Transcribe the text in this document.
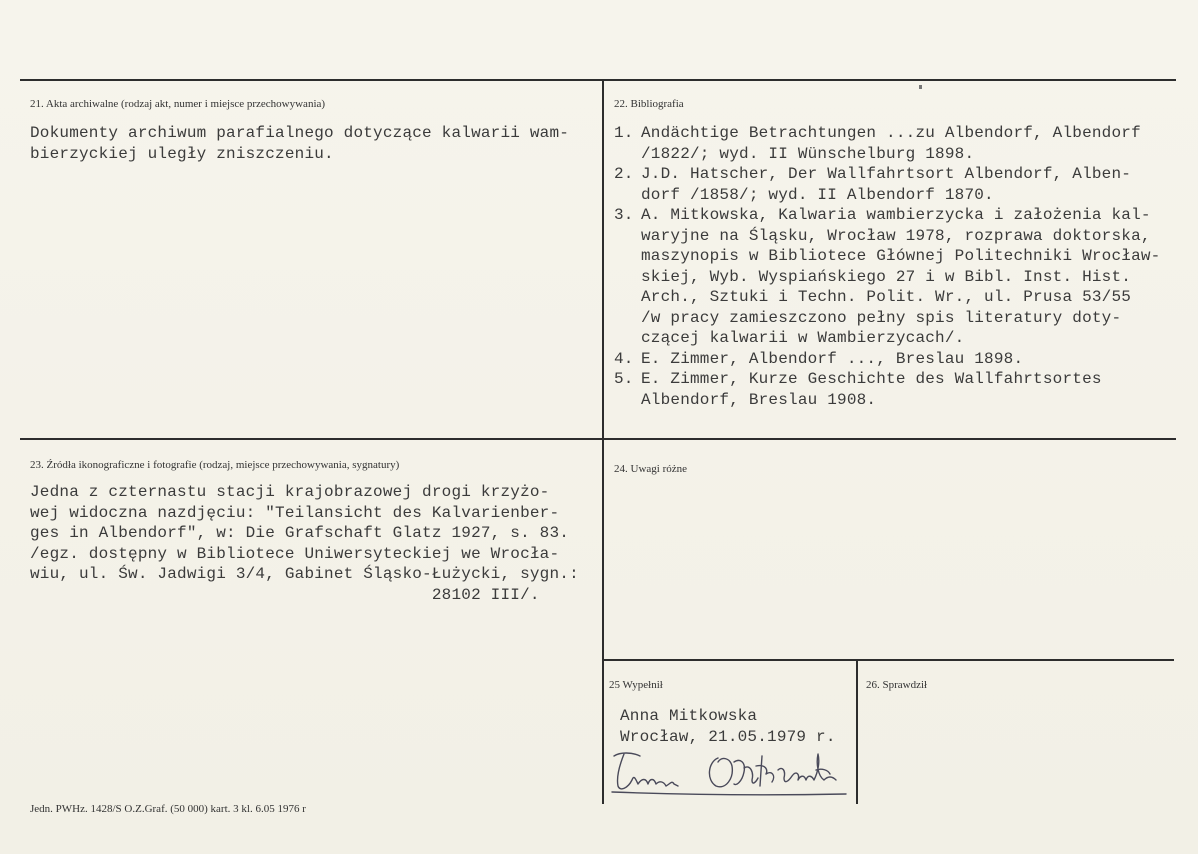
21. Akta archiwalne (rodzaj akt, numer i miejsce przechowywania)
Dokumenty archiwum parafialnego dotyczące kalwarii wam-
bierzyckiej uległy zniszczeniu.
22. Bibliografia
1. Andächtige Betrachtungen ...zu Albendorf, Albendorf
/1822/; wyd. II Wünschelburg 1898.
2. J.D. Hatscher, Der Wallfahrtsort Albendorf, Alben-
dorf /1858/; wyd. II Albendorf 1870.
3. A. Mitkowska, Kalwaria wambierzycka i założenia kal-
waryjne na Śląsku, Wrocław 1978, rozprawa doktorska,
maszynopis w Bibliotece Głównej Politechniki Wrocław-
skiej, Wyb. Wyspiańskiego 27 i w Bibl. Inst. Hist.
Arch., Sztuki i Techn. Polit. Wr., ul. Prusa 53/55
/w pracy zamieszczono pełny spis literatury doty-
czącej kalwarii w Wambierzycach/.
4. E. Zimmer, Albendorf ..., Breslau 1898.
5. E. Zimmer, Kurze Geschichte des Wallfahrtsortes
Albendorf, Breslau 1908.
23. Źródła ikonograficzne i fotografie (rodzaj, miejsce przechowywania, sygnatury)
Jedna z czternastu stacji krajobrazowej drogi krzyżo-
wej widoczna nazdjęciu: "Teilansicht des Kalvarienber-
ges in Albendorf", w: Die Grafschaft Glatz 1927, s. 83.
/egz. dostępny w Bibliotece Uniwersyteckiej we Wrocła-
wiu, ul. Św. Jadwigi 3/4, Gabinet Śląsko-Łużycki, sygn.:
28102 III/.
24. Uwagi różne
25 Wypełnił
Anna Mitkowska
Wrocław, 21.05.1979 r.
26. Sprawdził
Jedn. PWHz. 1428/S O.Z.Graf. (50 000) kart. 3 kl. 6.05 1976 r
